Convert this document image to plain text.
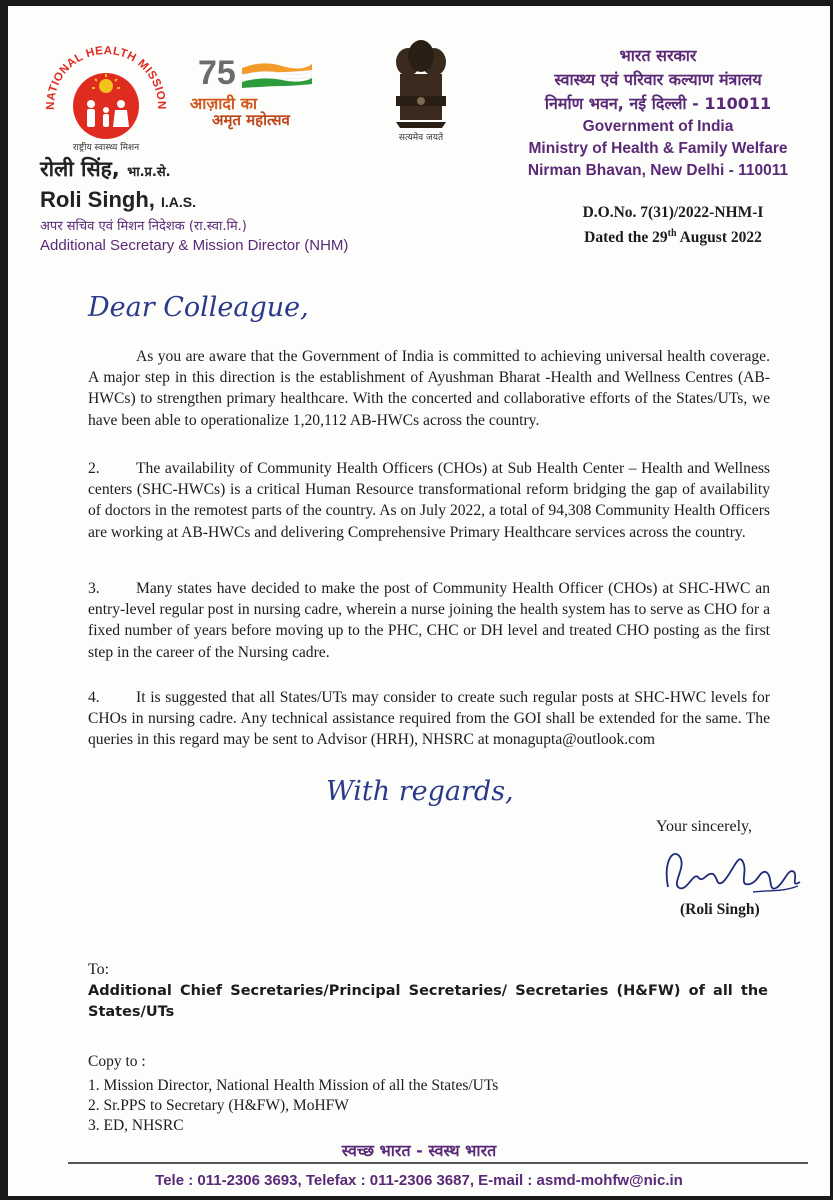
NATIONAL HEALTH MISSION
राष्ट्रीय स्वास्थ्य मिशन
75
आज़ादी का
अमृत महोत्सव
सत्यमेव जयते
भारत सरकार
स्वास्थ्य एवं परिवार कल्याण मंत्रालय
निर्माण भवन, नई दिल्ली - 110011
Government of India
Ministry of Health & Family Welfare
Nirman Bhavan, New Delhi - 110011
रोली सिंह, भा.प्र.से.
Roli Singh, I.A.S.
अपर सचिव एवं मिशन निदेशक (रा.स्वा.मि.)
Additional Secretary & Mission Director (NHM)
D.O.No. 7(31)/2022-NHM-I
Dated the 29th August 2022
Dear Colleague,
As you are aware that the Government of India is committed to achieving universal health coverage. A major step in this direction is the establishment of Ayushman Bharat -Health and Wellness Centres (AB-HWCs) to strengthen primary healthcare. With the concerted and collaborative efforts of the States/UTs, we have been able to operationalize 1,20,112 AB-HWCs across the country.
2. The availability of Community Health Officers (CHOs) at Sub Health Center – Health and Wellness centers (SHC-HWCs) is a critical Human Resource transformational reform bridging the gap of availability of doctors in the remotest parts of the country. As on July 2022, a total of 94,308 Community Health Officers are working at AB-HWCs and delivering Comprehensive Primary Healthcare services across the country.
3. Many states have decided to make the post of Community Health Officer (CHOs) at SHC-HWC an entry-level regular post in nursing cadre, wherein a nurse joining the health system has to serve as CHO for a fixed number of years before moving up to the PHC, CHC or DH level and treated CHO posting as the first step in the career of the Nursing cadre.
4. It is suggested that all States/UTs may consider to create such regular posts at SHC-HWC levels for CHOs in nursing cadre. Any technical assistance required from the GOI shall be extended for the same. The queries in this regard may be sent to Advisor (HRH), NHSRC at monagupta@outlook.com
With regards,
Your sincerely,
(Roli Singh)
To:
Additional Chief Secretaries/Principal Secretaries/ Secretaries (H&FW) of all the States/UTs
Copy to :
1. Mission Director, National Health Mission of all the States/UTs
2. Sr.PPS to Secretary (H&FW), MoHFW
3. ED, NHSRC
स्वच्छ भारत - स्वस्थ भारत
Tele : 011-2306 3693, Telefax : 011-2306 3687, E-mail : asmd-mohfw@nic.in
